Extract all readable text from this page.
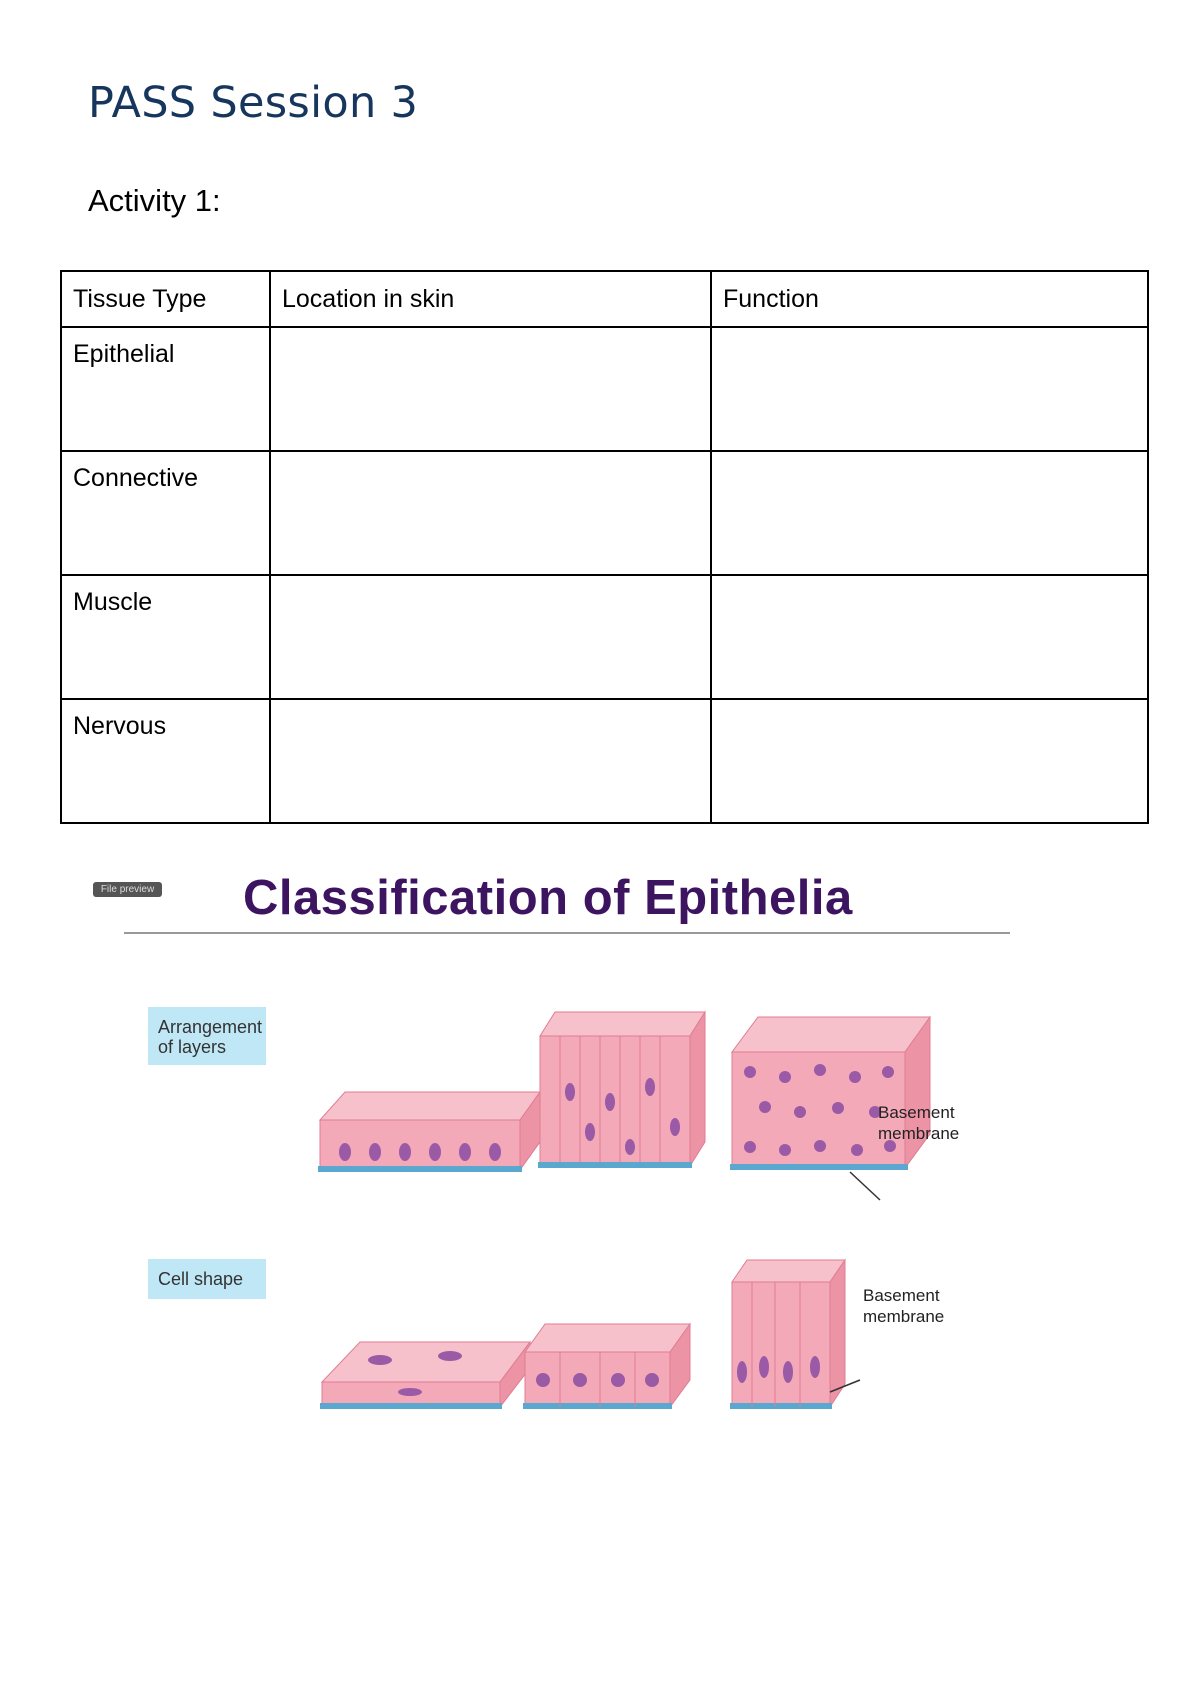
PASS Session 3
Activity 1:
Tissue Type	Location in skin	Function
Epithelial		
Connective		
Muscle		
Nervous		
File preview Classification of Epithelia
Arrangement of layers
Cell shape
Basement
membrane
Basement
membrane
